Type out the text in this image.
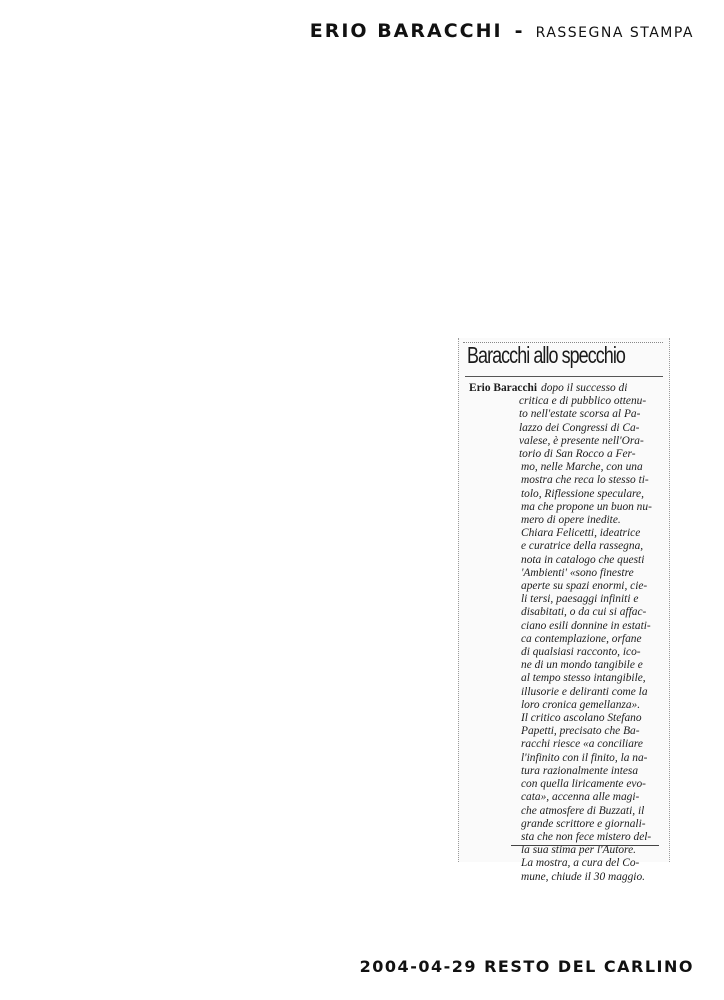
ERIO BARACCHI - RASSEGNA STAMPA
Baracchi allo specchio
Erio Baracchi dopo il successo di
critica e di pubblico ottenu-
to nell'estate scorsa al Pa-
lazzo dei Congressi di Ca-
valese, è presente nell'Ora-
torio di San Rocco a Fer-
mo, nelle Marche, con una
mostra che reca lo stesso ti-
tolo, Riflessione speculare,
ma che propone un buon nu-
mero di opere inedite.
Chiara Felicetti, ideatrice
e curatrice della rassegna,
nota in catalogo che questi
'Ambienti' «sono finestre
aperte su spazi enormi, cie-
li tersi, paesaggi infiniti e
disabitati, o da cui si affac-
ciano esili donnine in estati-
ca contemplazione, orfane
di qualsiasi racconto, ico-
ne di un mondo tangibile e
al tempo stesso intangibile,
illusorie e deliranti come la
loro cronica gemellanza».
Il critico ascolano Stefano
Papetti, precisato che Ba-
racchi riesce «a conciliare
l'infinito con il finito, la na-
tura razionalmente intesa
con quella liricamente evo-
cata», accenna alle magi-
che atmosfere di Buzzati, il
grande scrittore e giornali-
sta che non fece mistero del-
la sua stima per l'Autore.
La mostra, a cura del Co-
mune, chiude il 30 maggio.
2004-04-29 RESTO DEL CARLINO
